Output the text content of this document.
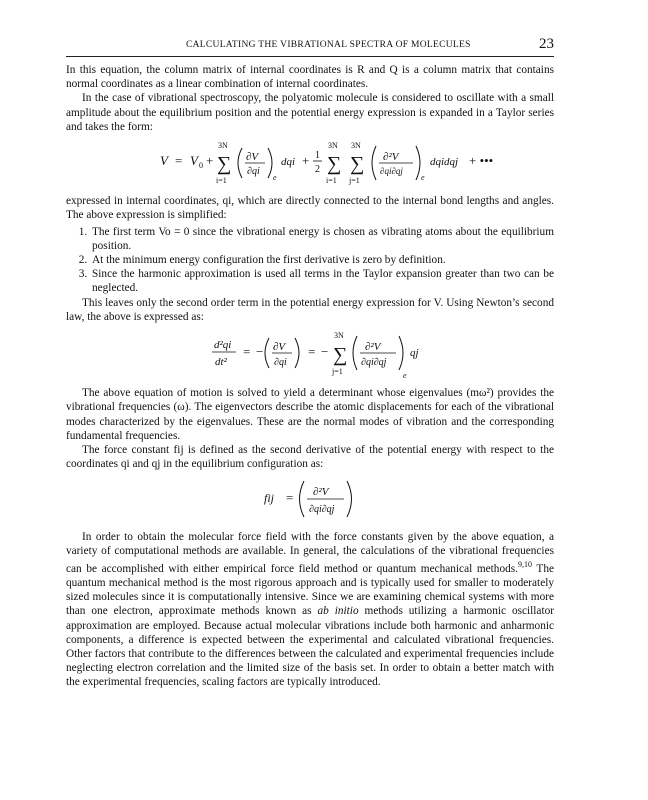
CALCULATING THE VIBRATIONAL SPECTRA OF MOLECULES	23

In this equation, the column matrix of internal coordinates is R and Q is a column matrix that contains normal coordinates as a linear combination of internal coordinates.

In the case of vibrational spectroscopy, the polyatomic molecule is considered to oscillate with a small amplitude about the equilibrium position and the potential energy expression is expanded in a Taylor series and takes the form:

V = V 0 +
3N
∑
i=1
∂V
∂qi
e
dqi + 1
2
3N
∑
i=1
3N
∑
j=1
∂²V
∂qi∂qj
e
dqidqj + •••

expressed in internal coordinates, qi, which are directly connected to the internal bond lengths and angles. The above expression is simplified:

1. The first term Vo = 0 since the vibrational energy is chosen as vibrating atoms about the equilibrium position.
2. At the minimum energy configuration the first derivative is zero by definition.
3. Since the harmonic approximation is used all terms in the Taylor expansion greater than two can be neglected.

This leaves only the second order term in the potential energy expression for V. Using Newton’s second law, the above is expressed as:

d²qi
dt²
= − ∂V
∂qi
= −
3N
∑
j=1
∂²V
∂qi∂qj
qj
e

The above equation of motion is solved to yield a determinant whose eigenvalues (mω²) provides the vibrational frequencies (ω). The eigenvectors describe the atomic displacements for each of the vibrational modes characterized by the eigenvalues. These are the normal modes of vibration and the corresponding fundamental frequencies.

The force constant fij is defined as the second derivative of the potential energy with respect to the coordinates qi and qj in the equilibrium configuration as:

fij = ∂²V
∂qi∂qj

In order to obtain the molecular force field with the force constants given by the above equation, a variety of computational methods are available. In general, the calculations of the vibrational frequencies can be accomplished with either empirical force field method or quantum mechanical methods.$^{9,10}$ The quantum mechanical method is the most rigorous approach and is typically used for smaller to moderately sized molecules since it is computationally intensive. Since we are examining chemical systems with more than one electron, approximate methods known as ab initio methods utilizing a harmonic oscillator approximation are employed. Because actual molecular vibrations include both harmonic and anharmonic components, a difference is expected between the experimental and calculated vibrational frequencies. Other factors that contribute to the differences between the calculated and experimental frequencies include neglecting electron correlation and the limited size of the basis set. In order to obtain a better match with the experimental frequencies, scaling factors are typically introduced.
